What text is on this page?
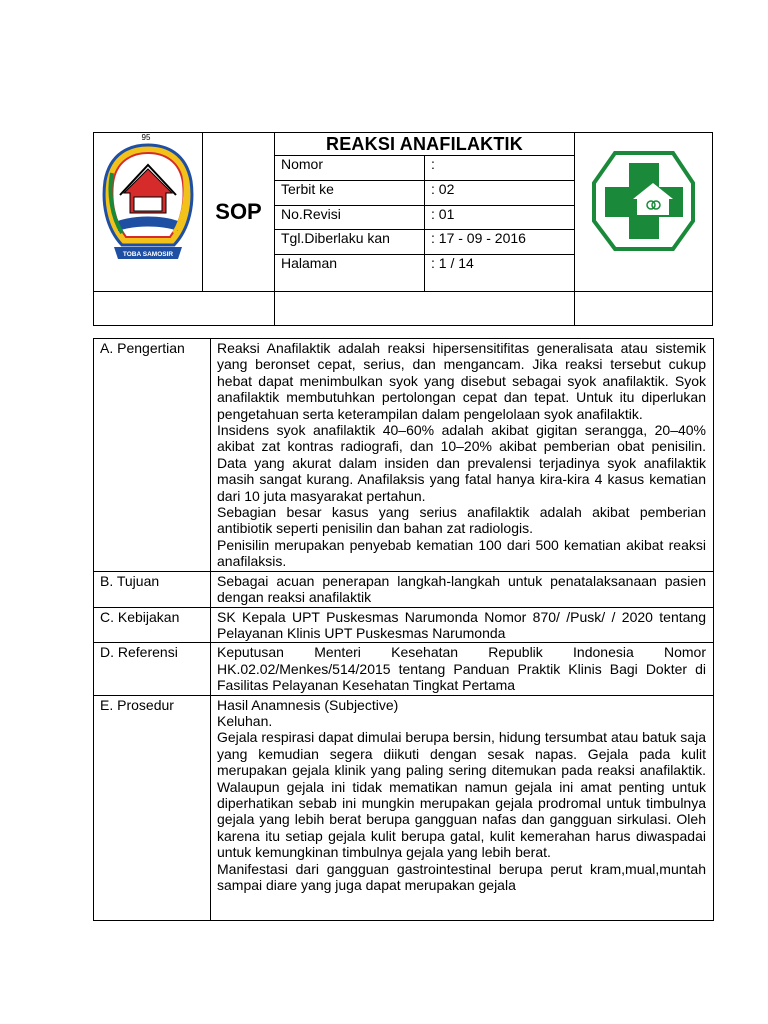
95
TOBA SAMOSIR	SOP	REAKSI ANAFILAKTIK	
		Nomor	:	
		Terbit ke	: 02	
		No.Revisi	: 01	
		Tgl.Diberlaku kan	: 17 - 09 - 2016	
		Halaman	: 1 / 14	

A. Pengertian	Reaksi Anafilaktik adalah reaksi hipersensitifitas generalisata atau sistemik yang beronset cepat, serius, dan mengancam. Jika reaksi tersebut cukup hebat dapat menimbulkan syok yang disebut sebagai syok anafilaktik. Syok anafilaktik membutuhkan pertolongan cepat dan tepat. Untuk itu diperlukan pengetahuan serta keterampilan dalam pengelolaan syok anafilaktik.

Insidens syok anafilaktik 40–60% adalah akibat gigitan serangga, 20–40% akibat zat kontras radiografi, dan 10–20% akibat pemberian obat penisilin. Data yang akurat dalam insiden dan prevalensi terjadinya syok anafilaktik masih sangat kurang. Anafilaksis yang fatal hanya kira-kira 4 kasus kematian dari 10 juta masyarakat pertahun.

Sebagian besar kasus yang serius anafilaktik adalah akibat pemberian antibiotik seperti penisilin dan bahan zat radiologis.

Penisilin merupakan penyebab kematian 100 dari 500 kematian akibat reaksi anafilaksis.

B. Tujuan	Sebagai acuan penerapan langkah-langkah untuk penatalaksanaan pasien dengan reaksi anafilaktik

C. Kebijakan	SK Kepala UPT Puskesmas Narumonda Nomor 870/ /Pusk/ / 2020 tentang Pelayanan Klinis UPT Puskesmas Narumonda

D. Referensi	Keputusan Menteri Kesehatan Republik Indonesia Nomor HK.02.02/Menkes/514/2015 tentang Panduan Praktik Klinis Bagi Dokter di Fasilitas Pelayanan Kesehatan Tingkat Pertama

E. Prosedur	Hasil Anamnesis (Subjective)

Keluhan.

Gejala respirasi dapat dimulai berupa bersin, hidung tersumbat atau batuk saja yang kemudian segera diikuti dengan sesak napas. Gejala pada kulit merupakan gejala klinik yang paling sering ditemukan pada reaksi anafilaktik. Walaupun gejala ini tidak mematikan namun gejala ini amat penting untuk diperhatikan sebab ini mungkin merupakan gejala prodromal untuk timbulnya gejala yang lebih berat berupa gangguan nafas dan gangguan sirkulasi. Oleh karena itu setiap gejala kulit berupa gatal, kulit kemerahan harus diwaspadai untuk kemungkinan timbulnya gejala yang lebih berat.

Manifestasi dari gangguan gastrointestinal berupa perut kram,mual,muntah sampai diare yang juga dapat merupakan gejala
